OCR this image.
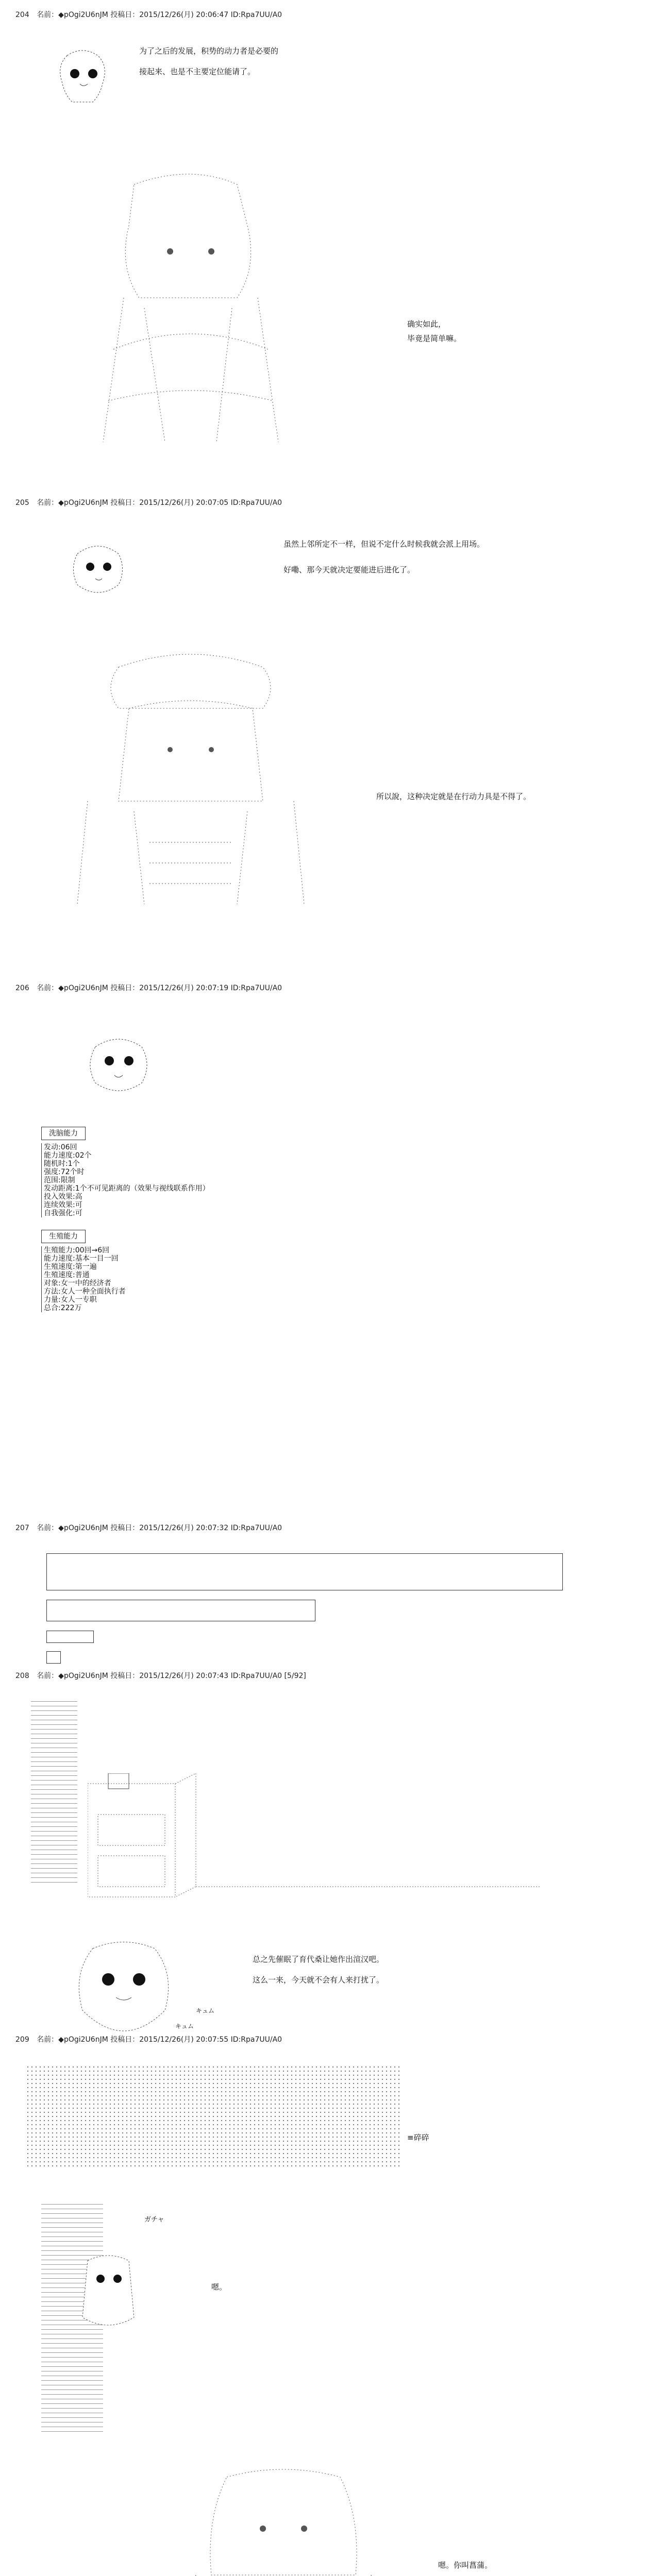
204 名前：◆pOgi2U6nJM 投稿日：2015/12/26(月) 20:06:47 ID:Rpa7UU/A0
为了之后的发展，积势的动力者是必要的
接起来、也是不主要定位能请了。
确实如此，
毕竟是简单嘛。
205 名前：◆pOgi2U6nJM 投稿日：2015/12/26(月) 20:07:05 ID:Rpa7UU/A0
虽然上邻所定不一样，但说不定什么时候我就会派上用场。
好嘞、那今天就决定要能进后进化了。
所以說，这种决定就是在行动力具是不得了。
206 名前：◆pOgi2U6nJM 投稿日：2015/12/26(月) 20:07:19 ID:Rpa7UU/A0
洗脑能力
发动:06回
能力速度:02个
随机时:1个
强度:72个时
范围:限制
发动距离:1个不可见距离的（效果与视线联系作用）
投入效果:高
连续效果:可
自我强化:可
生殖能力
生殖能力:00回→6回
能力速度:基本一目一回
生殖速度:第一遍
生殖速度:普通
对象:女一中的经济者
方法:女人一种全面执行者
力量:女人一专职
总合:222万
207 名前：◆pOgi2U6nJM 投稿日：2015/12/26(月) 20:07:32 ID:Rpa7UU/A0
208 名前：◆pOgi2U6nJM 投稿日：2015/12/26(月) 20:07:43 ID:Rpa7UU/A0 [5/92]
总之先催眠了育代桑让她作出渲汉吧。
这么一来，今天就不会有人来打扰了。
キュム
キュム
209 名前：◆pOgi2U6nJM 投稿日：2015/12/26(月) 20:07:55 ID:Rpa7UU/A0
≡碎碎
ガチャ
嗯。
嗯。你叫菖蒲。
